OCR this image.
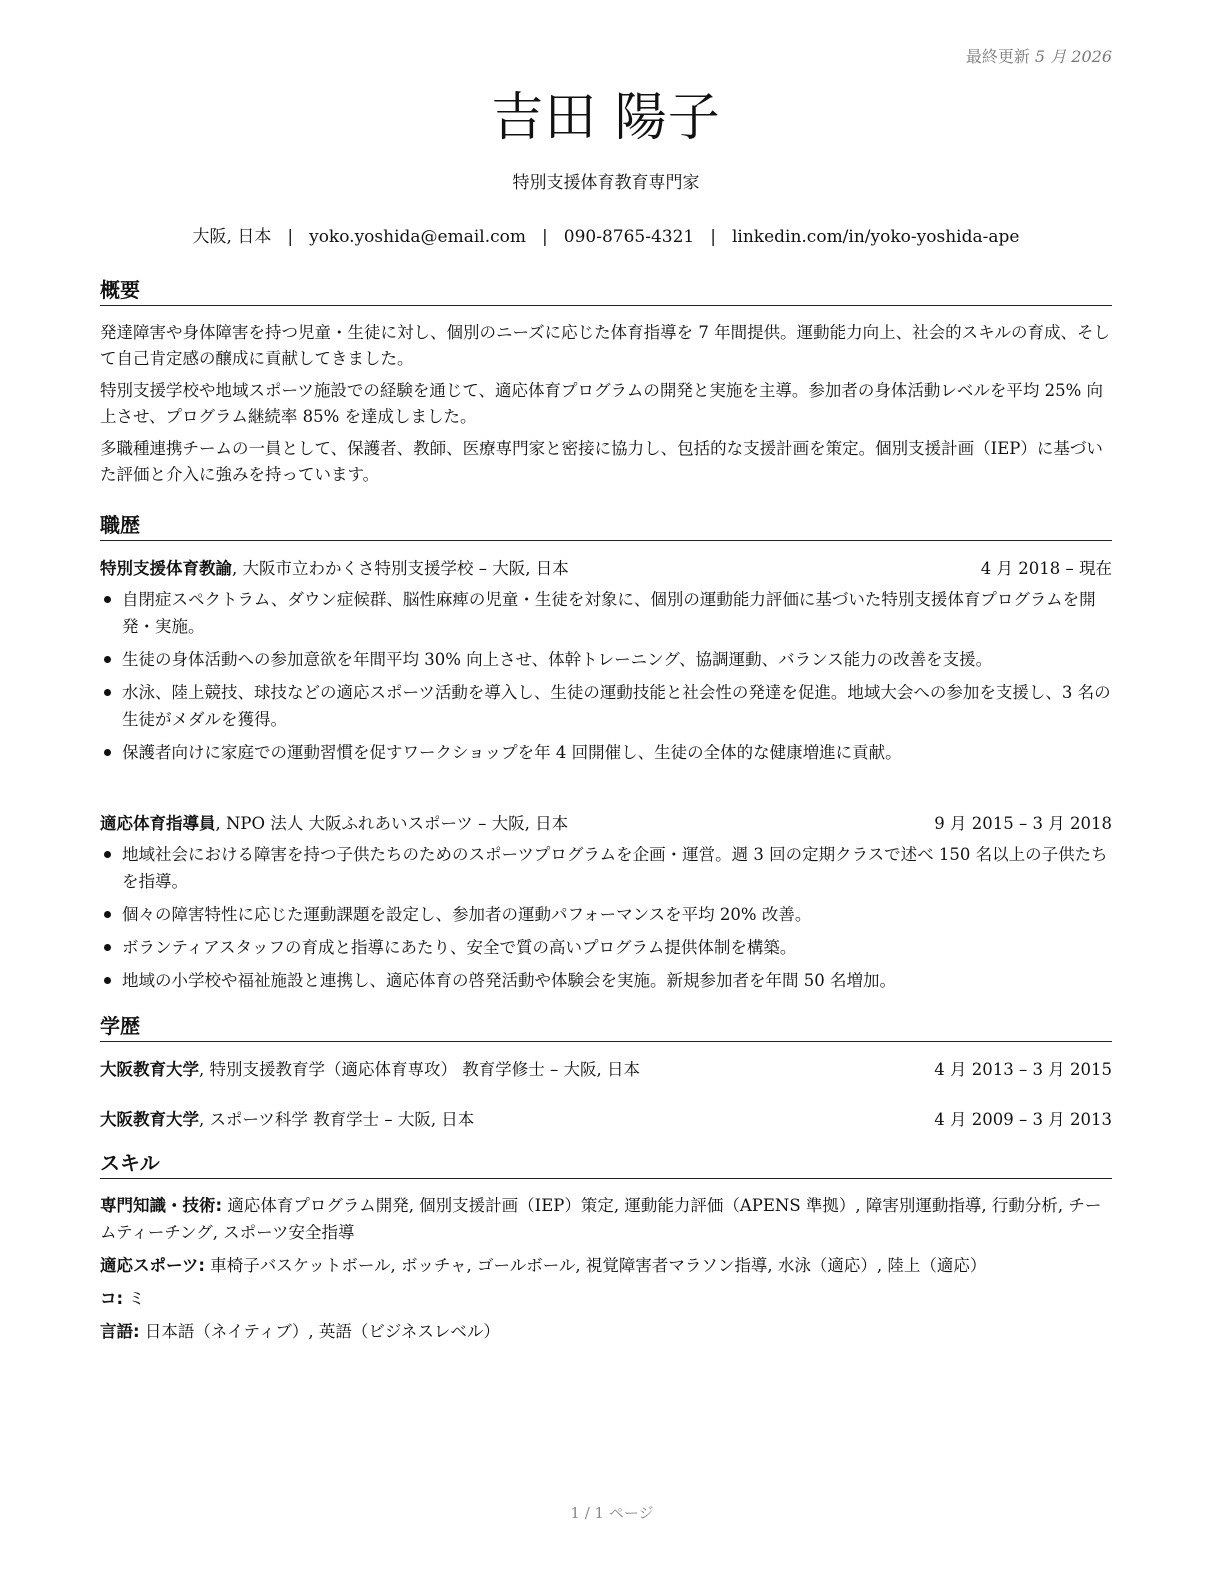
最終更新 5 月 2026
吉田 陽子
特別支援体育教育専門家
大阪, 日本 | yoko.yoshida@email.com | 090-8765-4321 | linkedin.com/in/yoko-yoshida-ape
概要

発達障害や身体障害を持つ児童・生徒に対し、個別のニーズに応じた体育指導を 7 年間提供。運動能力向上、社会的スキルの育成、そして自己肯定感の醸成に貢献してきました。

特別支援学校や地域スポーツ施設での経験を通じて、適応体育プログラムの開発と実施を主導。参加者の身体活動レベルを平均 25% 向上させ、プログラム継続率 85% を達成しました。

多職種連携チームの一員として、保護者、教師、医療専門家と密接に協力し、包括的な支援計画を策定。個別支援計画（IEP）に基づいた評価と介入に強みを持っています。

職歴
特別支援体育教諭, 大阪市立わかくさ特別支援学校 – 大阪, 日本	4 月 2018 – 現在
自閉症スペクトラム、ダウン症候群、脳性麻痺の児童・生徒を対象に、個別の運動能力評価に基づいた特別支援体育プログラムを開発・実施。
生徒の身体活動への参加意欲を年間平均 30% 向上させ、体幹トレーニング、協調運動、バランス能力の改善を支援。
水泳、陸上競技、球技などの適応スポーツ活動を導入し、生徒の運動技能と社会性の発達を促進。地域大会への参加を支援し、3 名の生徒がメダルを獲得。
保護者向けに家庭での運動習慣を促すワークショップを年 4 回開催し、生徒の全体的な健康増進に貢献。
適応体育指導員, NPO 法人 大阪ふれあいスポーツ – 大阪, 日本	9 月 2015 – 3 月 2018
地域社会における障害を持つ子供たちのためのスポーツプログラムを企画・運営。週 3 回の定期クラスで述べ 150 名以上の子供たちを指導。
個々の障害特性に応じた運動課題を設定し、参加者の運動パフォーマンスを平均 20% 改善。
ボランティアスタッフの育成と指導にあたり、安全で質の高いプログラム提供体制を構築。
地域の小学校や福祉施設と連携し、適応体育の啓発活動や体験会を実施。新規参加者を年間 50 名増加。
学歴
大阪教育大学, 特別支援教育学（適応体育専攻） 教育学修士 – 大阪, 日本	4 月 2013 – 3 月 2015
大阪教育大学, スポーツ科学 教育学士 – 大阪, 日本	4 月 2009 – 3 月 2013
スキル

専門知識・技術: 適応体育プログラム開発, 個別支援計画（IEP）策定, 運動能力評価（APENS 準拠）, 障害別運動指導, 行動分析, チームティーチング, スポーツ安全指導

適応スポーツ: 車椅子バスケットボール, ボッチャ, ゴールボール, 視覚障害者マラソン指導, 水泳（適応）, 陸上（適応）

コ: ミ

言語: 日本語（ネイティブ）, 英語（ビジネスレベル）

1 / 1 ページ
